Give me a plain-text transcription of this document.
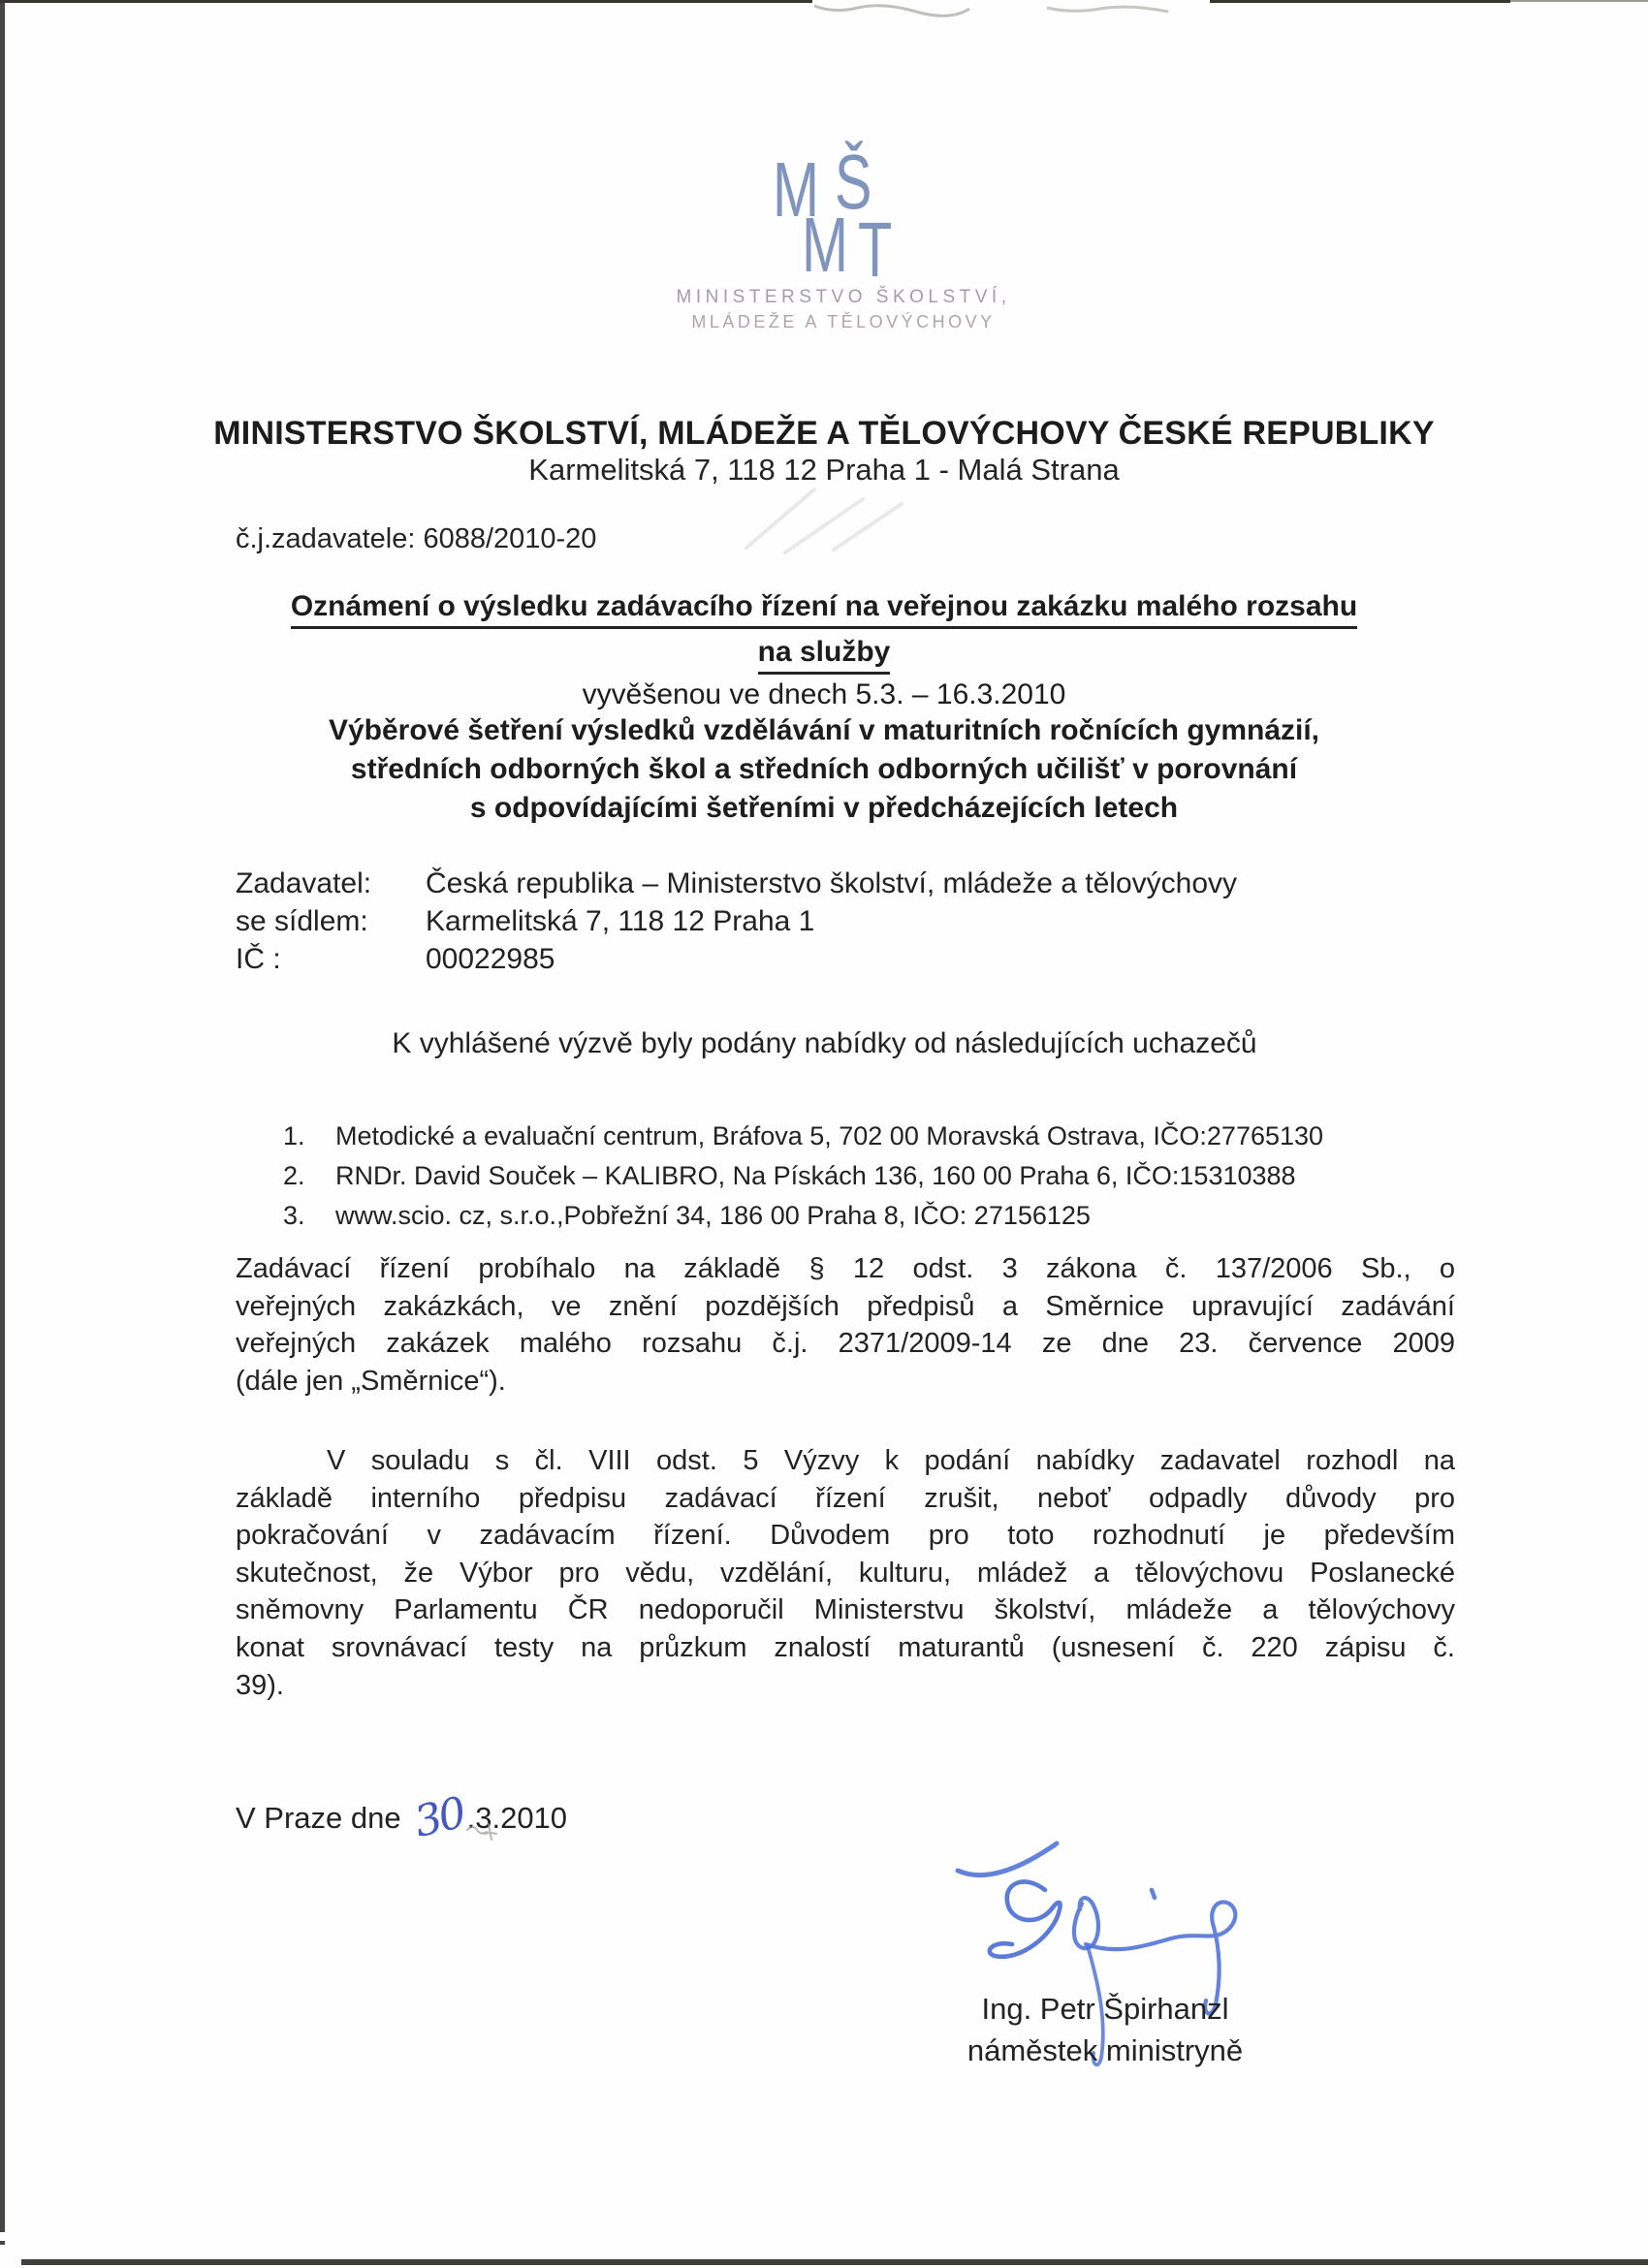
M Š
M T
MINISTERSTVO ŠKOLSTVÍ,
MLÁDEŽE A TĚLOVÝCHOVY
MINISTERSTVO ŠKOLSTVÍ, MLÁDEŽE A TĚLOVÝCHOVY ČESKÉ REPUBLIKY
Karmelitská 7, 118 12 Praha 1 - Malá Strana
č.j.zadavatele: 6088/2010-20
Oznámení o výsledku zadávacího řízení na veřejnou zakázku malého rozsahu
na služby
vyvěšenou ve dnech 5.3. – 16.3.2010
Výběrové šetření výsledků vzdělávání v maturitních ročnících gymnázií,
středních odborných škol a středních odborných učilišť v porovnání
s odpovídajícími šetřeními v předcházejících letech
Zadavatel:	Česká republika – Ministerstvo školství, mládeže a tělovýchovy
se sídlem:	Karmelitská 7, 118 12 Praha 1
IČ :	00022985
K vyhlášené výzvě byly podány nabídky od následujících uchazečů
1.	Metodické a evaluační centrum, Bráfova 5, 702 00 Moravská Ostrava, IČO:27765130
2.	RNDr. David Souček – KALIBRO, Na Pískách 136, 160 00 Praha 6, IČO:15310388
3.	www.scio. cz, s.r.o.,Pobřežní 34, 186 00 Praha 8, IČO: 27156125
Zadávací řízení probíhalo na základě § 12 odst. 3 zákona č. 137/2006 Sb., o
veřejných zakázkách, ve znění pozdějších předpisů a Směrnice upravující zadávání
veřejných zakázek malého rozsahu č.j. 2371/2009-14 ze dne 23. července 2009
(dále jen „Směrnice“).
V souladu s čl. VIII odst. 5 Výzvy k podání nabídky zadavatel rozhodl na
základě interního předpisu zadávací řízení zrušit, neboť odpadly důvody pro
pokračování v zadávacím řízení. Důvodem pro toto rozhodnutí je především
skutečnost, že Výbor pro vědu, vzdělání, kulturu, mládež a tělovýchovu Poslanecké
sněmovny Parlamentu ČR nedoporučil Ministerstvu školství, mládeže a tělovýchovy
konat srovnávací testy na průzkum znalostí maturantů (usnesení č. 220 zápisu č.
39).
V Praze dne 30 .3.2010
Ing. Petr Špirhanzl
náměstek ministryně
